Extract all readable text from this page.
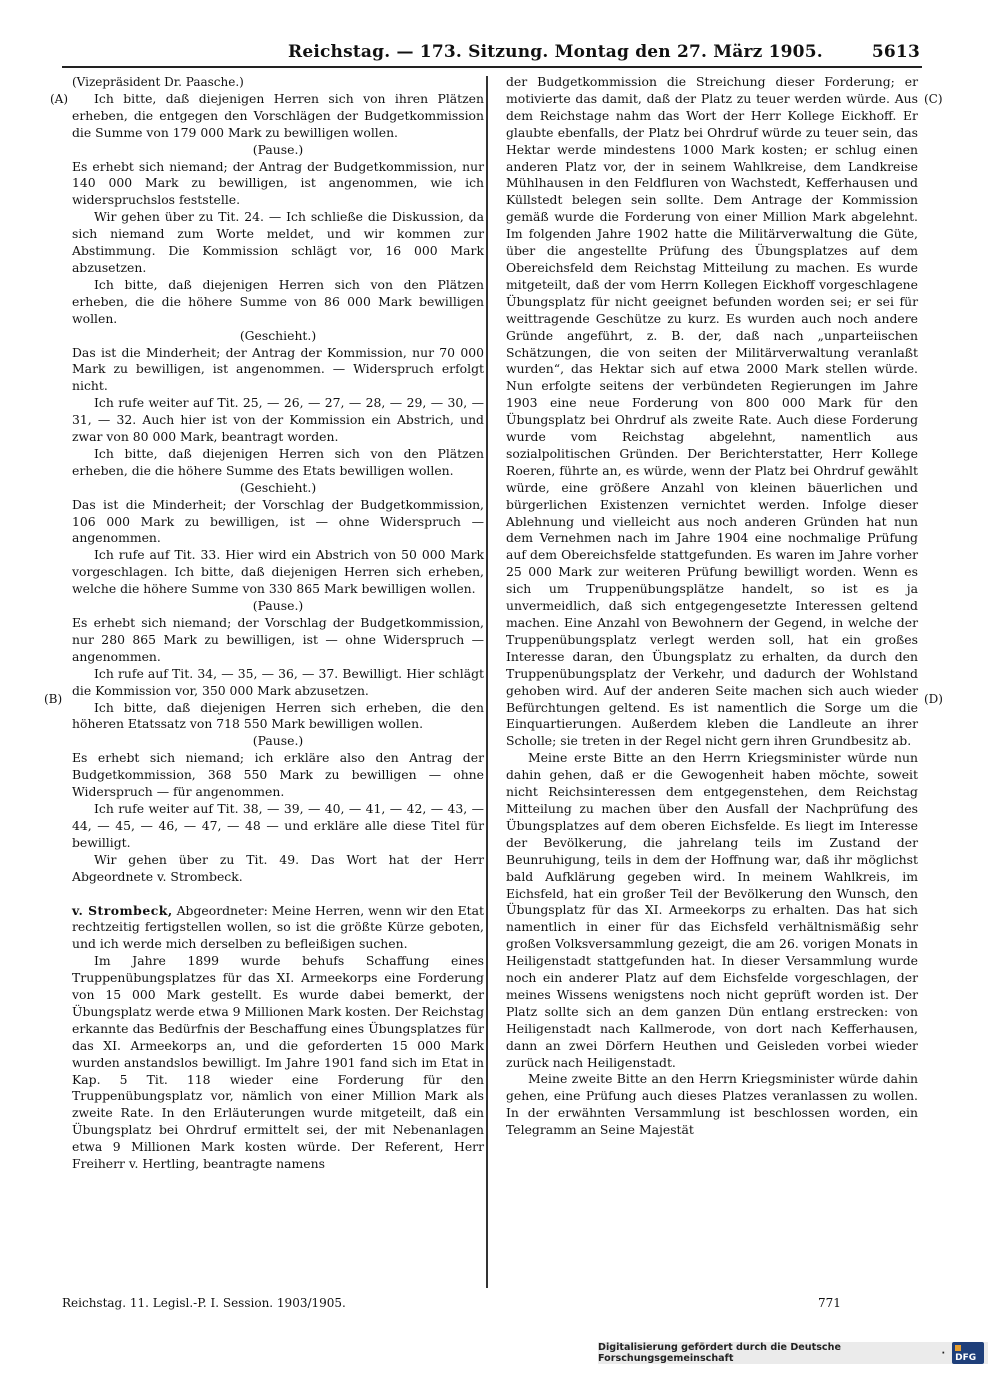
Reichstag. — 173. Sitzung. Montag den 27. März 1905.	5613
(A)
(B)
(C)
(D)

(Vizepräsident Dr. Paasche.)

Ich bitte, daß diejenigen Herren sich von ihren Plätzen erheben, die entgegen den Vorschlägen der Budgetkommission die Summe von 179 000 Mark zu bewilligen wollen.

(Pause.)

Es erhebt sich niemand; der Antrag der Budgetkommission, nur 140 000 Mark zu bewilligen, ist angenommen, wie ich widerspruchslos feststelle.

Wir gehen über zu Tit. 24. — Ich schließe die Diskussion, da sich niemand zum Worte meldet, und wir kommen zur Abstimmung. Die Kommission schlägt vor, 16 000 Mark abzusetzen.

Ich bitte, daß diejenigen Herren sich von den Plätzen erheben, die die höhere Summe von 86 000 Mark bewilligen wollen.

(Geschieht.)

Das ist die Minderheit; der Antrag der Kommission, nur 70 000 Mark zu bewilligen, ist angenommen. — Widerspruch erfolgt nicht.

Ich rufe weiter auf Tit. 25, — 26, — 27, — 28, — 29, — 30, — 31, — 32. Auch hier ist von der Kommission ein Abstrich, und zwar von 80 000 Mark, beantragt worden.

Ich bitte, daß diejenigen Herren sich von den Plätzen erheben, die die höhere Summe des Etats bewilligen wollen.

(Geschieht.)

Das ist die Minderheit; der Vorschlag der Budgetkommission, 106 000 Mark zu bewilligen, ist — ohne Widerspruch — angenommen.

Ich rufe auf Tit. 33. Hier wird ein Abstrich von 50 000 Mark vorgeschlagen. Ich bitte, daß diejenigen Herren sich erheben, welche die höhere Summe von 330 865 Mark bewilligen wollen.

(Pause.)

Es erhebt sich niemand; der Vorschlag der Budgetkommission, nur 280 865 Mark zu bewilligen, ist — ohne Widerspruch — angenommen.

Ich rufe auf Tit. 34, — 35, — 36, — 37. Bewilligt. Hier schlägt die Kommission vor, 350 000 Mark abzusetzen.

Ich bitte, daß diejenigen Herren sich erheben, die den höheren Etatssatz von 718 550 Mark bewilligen wollen.

(Pause.)

Es erhebt sich niemand; ich erkläre also den Antrag der Budgetkommission, 368 550 Mark zu bewilligen — ohne Widerspruch — für angenommen.

Ich rufe weiter auf Tit. 38, — 39, — 40, — 41, — 42, — 43, — 44, — 45, — 46, — 47, — 48 — und erkläre alle diese Titel für bewilligt.

Wir gehen über zu Tit. 49. Das Wort hat der Herr Abgeordnete v. Strombeck.

v. Strombeck, Abgeordneter: Meine Herren, wenn wir den Etat rechtzeitig fertigstellen wollen, so ist die größte Kürze geboten, und ich werde mich derselben zu befleißigen suchen.

Im Jahre 1899 wurde behufs Schaffung eines Truppenübungsplatzes für das XI. Armeekorps eine Forderung von 15 000 Mark gestellt. Es wurde dabei bemerkt, der Übungsplatz werde etwa 9 Millionen Mark kosten. Der Reichstag erkannte das Bedürfnis der Beschaffung eines Übungsplatzes für das XI. Armeekorps an, und die geforderten 15 000 Mark wurden anstandslos bewilligt. Im Jahre 1901 fand sich im Etat in Kap. 5 Tit. 118 wieder eine Forderung für den Truppenübungsplatz vor, nämlich von einer Million Mark als zweite Rate. In den Erläuterungen wurde mitgeteilt, daß ein Übungsplatz bei Ohrdruf ermittelt sei, der mit Nebenanlagen etwa 9 Millionen Mark kosten würde. Der Referent, Herr Freiherr v. Hertling, beantragte namens

der Budgetkommission die Streichung dieser Forderung; er motivierte das damit, daß der Platz zu teuer werden würde. Aus dem Reichstage nahm das Wort der Herr Kollege Eickhoff. Er glaubte ebenfalls, der Platz bei Ohrdruf würde zu teuer sein, das Hektar werde mindestens 1000 Mark kosten; er schlug einen anderen Platz vor, der in seinem Wahlkreise, dem Landkreise Mühlhausen in den Feldfluren von Wachstedt, Kefferhausen und Küllstedt belegen sein sollte. Dem Antrage der Kommission gemäß wurde die Forderung von einer Million Mark abgelehnt. Im folgenden Jahre 1902 hatte die Militärverwaltung die Güte, über die angestellte Prüfung des Übungsplatzes auf dem Obereichsfeld dem Reichstag Mitteilung zu machen. Es wurde mitgeteilt, daß der vom Herrn Kollegen Eickhoff vorgeschlagene Übungsplatz für nicht geeignet befunden worden sei; er sei für weittragende Geschütze zu kurz. Es wurden auch noch andere Gründe angeführt, z. B. der, daß nach „unparteiischen Schätzungen, die von seiten der Militärverwaltung veranlaßt wurden“, das Hektar sich auf etwa 2000 Mark stellen würde. Nun erfolgte seitens der verbündeten Regierungen im Jahre 1903 eine neue Forderung von 800 000 Mark für den Übungsplatz bei Ohrdruf als zweite Rate. Auch diese Forderung wurde vom Reichstag abgelehnt, namentlich aus sozialpolitischen Gründen. Der Berichterstatter, Herr Kollege Roeren, führte an, es würde, wenn der Platz bei Ohrdruf gewählt würde, eine größere Anzahl von kleinen bäuerlichen und bürgerlichen Existenzen vernichtet werden. Infolge dieser Ablehnung und vielleicht aus noch anderen Gründen hat nun dem Vernehmen nach im Jahre 1904 eine nochmalige Prüfung auf dem Obereichsfelde stattgefunden. Es waren im Jahre vorher 25 000 Mark zur weiteren Prüfung bewilligt worden. Wenn es sich um Truppenübungsplätze handelt, so ist es ja unvermeidlich, daß sich entgegengesetzte Interessen geltend machen. Eine Anzahl von Bewohnern der Gegend, in welche der Truppenübungsplatz verlegt werden soll, hat ein großes Interesse daran, den Übungsplatz zu erhalten, da durch den Truppenübungsplatz der Verkehr, und dadurch der Wohlstand gehoben wird. Auf der anderen Seite machen sich auch wieder Befürchtungen geltend. Es ist namentlich die Sorge um die Einquartierungen. Außerdem kleben die Landleute an ihrer Scholle; sie treten in der Regel nicht gern ihren Grundbesitz ab.

Meine erste Bitte an den Herrn Kriegsminister würde nun dahin gehen, daß er die Gewogenheit haben möchte, soweit nicht Reichsinteressen dem entgegenstehen, dem Reichstag Mitteilung zu machen über den Ausfall der Nachprüfung des Übungsplatzes auf dem oberen Eichsfelde. Es liegt im Interesse der Bevölkerung, die jahrelang teils im Zustand der Beunruhigung, teils in dem der Hoffnung war, daß ihr möglichst bald Aufklärung gegeben wird. In meinem Wahlkreis, im Eichsfeld, hat ein großer Teil der Bevölkerung den Wunsch, den Übungsplatz für das XI. Armeekorps zu erhalten. Das hat sich namentlich in einer für das Eichsfeld verhältnismäßig sehr großen Volksversammlung gezeigt, die am 26. vorigen Monats in Heiligenstadt stattgefunden hat. In dieser Versammlung wurde noch ein anderer Platz auf dem Eichsfelde vorgeschlagen, der meines Wissens wenigstens noch nicht geprüft worden ist. Der Platz sollte sich an dem ganzen Dün entlang erstrecken: von Heiligenstadt nach Kallmerode, von dort nach Kefferhausen, dann an zwei Dörfern Heuthen und Geisleden vorbei wieder zurück nach Heiligenstadt.

Meine zweite Bitte an den Herrn Kriegsminister würde dahin gehen, eine Prüfung auch dieses Platzes veranlassen zu wollen. In der erwähnten Versammlung ist beschlossen worden, ein Telegramm an Seine Majestät

Reichstag. 11. Legisl.-P. I. Session. 1903/1905.	771
Digitalisierung gefördert durch die Deutsche Forschungsgemeinschaft	·	DFG
